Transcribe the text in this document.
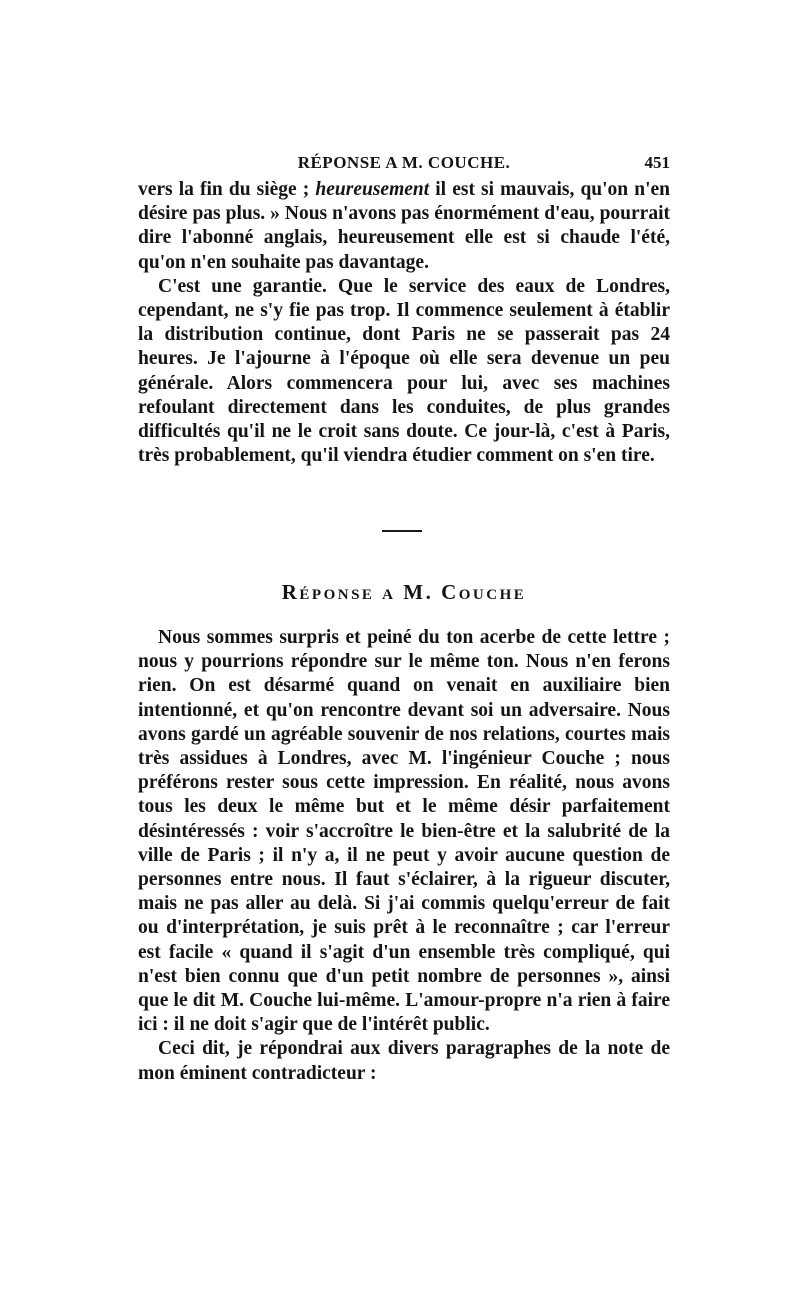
RÉPONSE A M. COUCHE.	451

vers la fin du siège ; heureusement il est si mauvais, qu'on n'en désire pas plus. » Nous n'avons pas énormément d'eau, pourrait dire l'abonné anglais, heureusement elle est si chaude l'été, qu'on n'en souhaite pas davantage.

C'est une garantie. Que le service des eaux de Londres, cependant, ne s'y fie pas trop. Il commence seulement à établir la distribution continue, dont Paris ne se passerait pas 24 heures. Je l'ajourne à l'époque où elle sera devenue un peu générale. Alors commencera pour lui, avec ses machines refoulant directement dans les conduites, de plus grandes difficultés qu'il ne le croit sans doute. Ce jour-là, c'est à Paris, très probablement, qu'il viendra étudier comment on s'en tire.

Réponse a M. Couche

Nous sommes surpris et peiné du ton acerbe de cette lettre ; nous y pourrions répondre sur le même ton. Nous n'en ferons rien. On est désarmé quand on venait en auxiliaire bien intentionné, et qu'on rencontre devant soi un adversaire. Nous avons gardé un agréable souvenir de nos relations, courtes mais très assidues à Londres, avec M. l'ingénieur Couche ; nous préférons rester sous cette impression. En réalité, nous avons tous les deux le même but et le même désir parfaitement désintéressés : voir s'accroître le bien-être et la salubrité de la ville de Paris ; il n'y a, il ne peut y avoir aucune question de personnes entre nous. Il faut s'éclairer, à la rigueur discuter, mais ne pas aller au delà. Si j'ai commis quelqu'erreur de fait ou d'interprétation, je suis prêt à le reconnaître ; car l'erreur est facile « quand il s'agit d'un ensemble très compliqué, qui n'est bien connu que d'un petit nombre de personnes », ainsi que le dit M. Couche lui-même. L'amour-propre n'a rien à faire ici : il ne doit s'agir que de l'intérêt public.

Ceci dit, je répondrai aux divers paragraphes de la note de mon éminent contradicteur :
